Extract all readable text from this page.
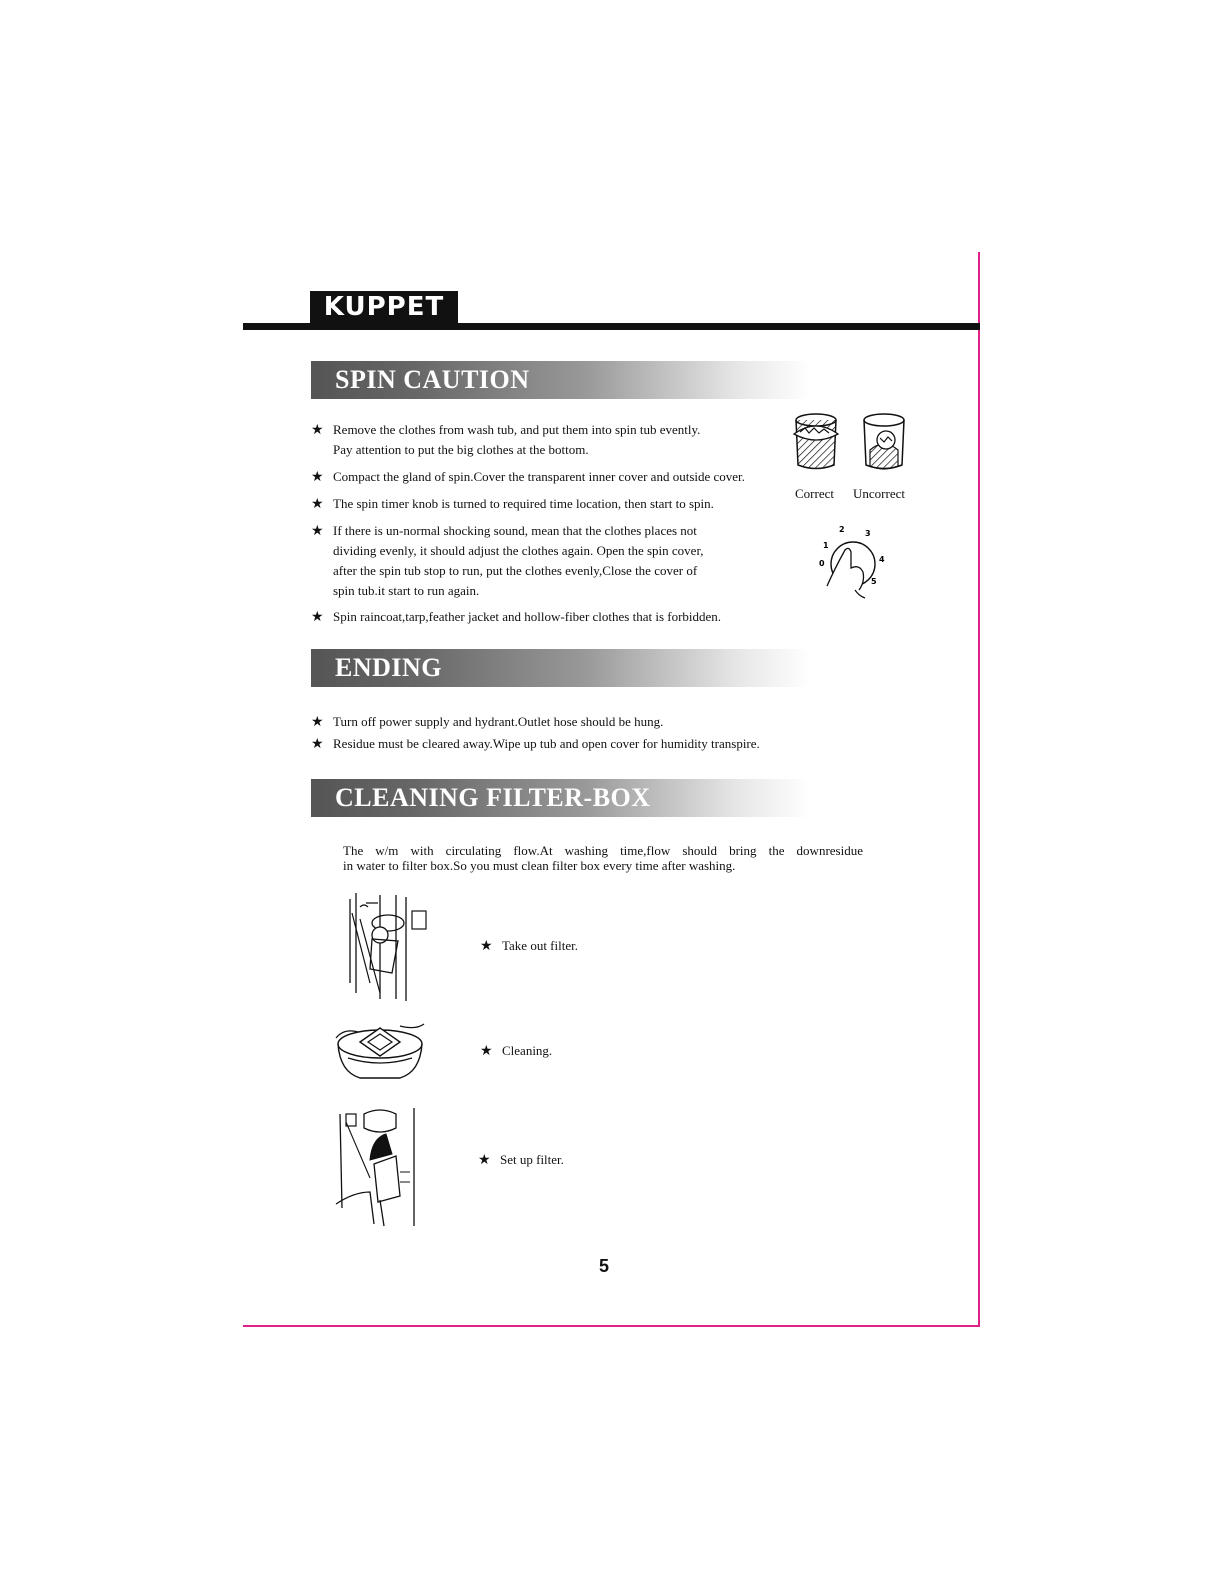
KUPPET
SPIN CAUTION
★ Remove the clothes from wash tub, and put them into spin tub evently.
Pay attention to put the big clothes at the bottom.
★ Compact the gland of spin.Cover the transparent inner cover and outside cover.
★ The spin timer knob is turned to required time location, then start to spin.
★ If there is un-normal shocking sound, mean that the clothes places not
dividing evenly, it should adjust the clothes again. Open the spin cover,
after the spin tub stop to run, put the clothes evenly,Close the cover of
spin tub.it start to run again.
★ Spin raincoat,tarp,feather jacket and hollow-fiber clothes that is forbidden.
Correct Uncorrect
0
1
2	3
4
5
ENDING
★ Turn off power supply and hydrant.Outlet hose should be hung.
★ Residue must be cleared away.Wipe up tub and open cover for humidity transpire.
CLEANING FILTER-BOX
The w/m with circulating flow.At washing time,flow should bring the downresidue
in water to filter box.So you must clean filter box every time after washing.
★ Take out filter.
★ Cleaning.
★ Set up filter.
5
